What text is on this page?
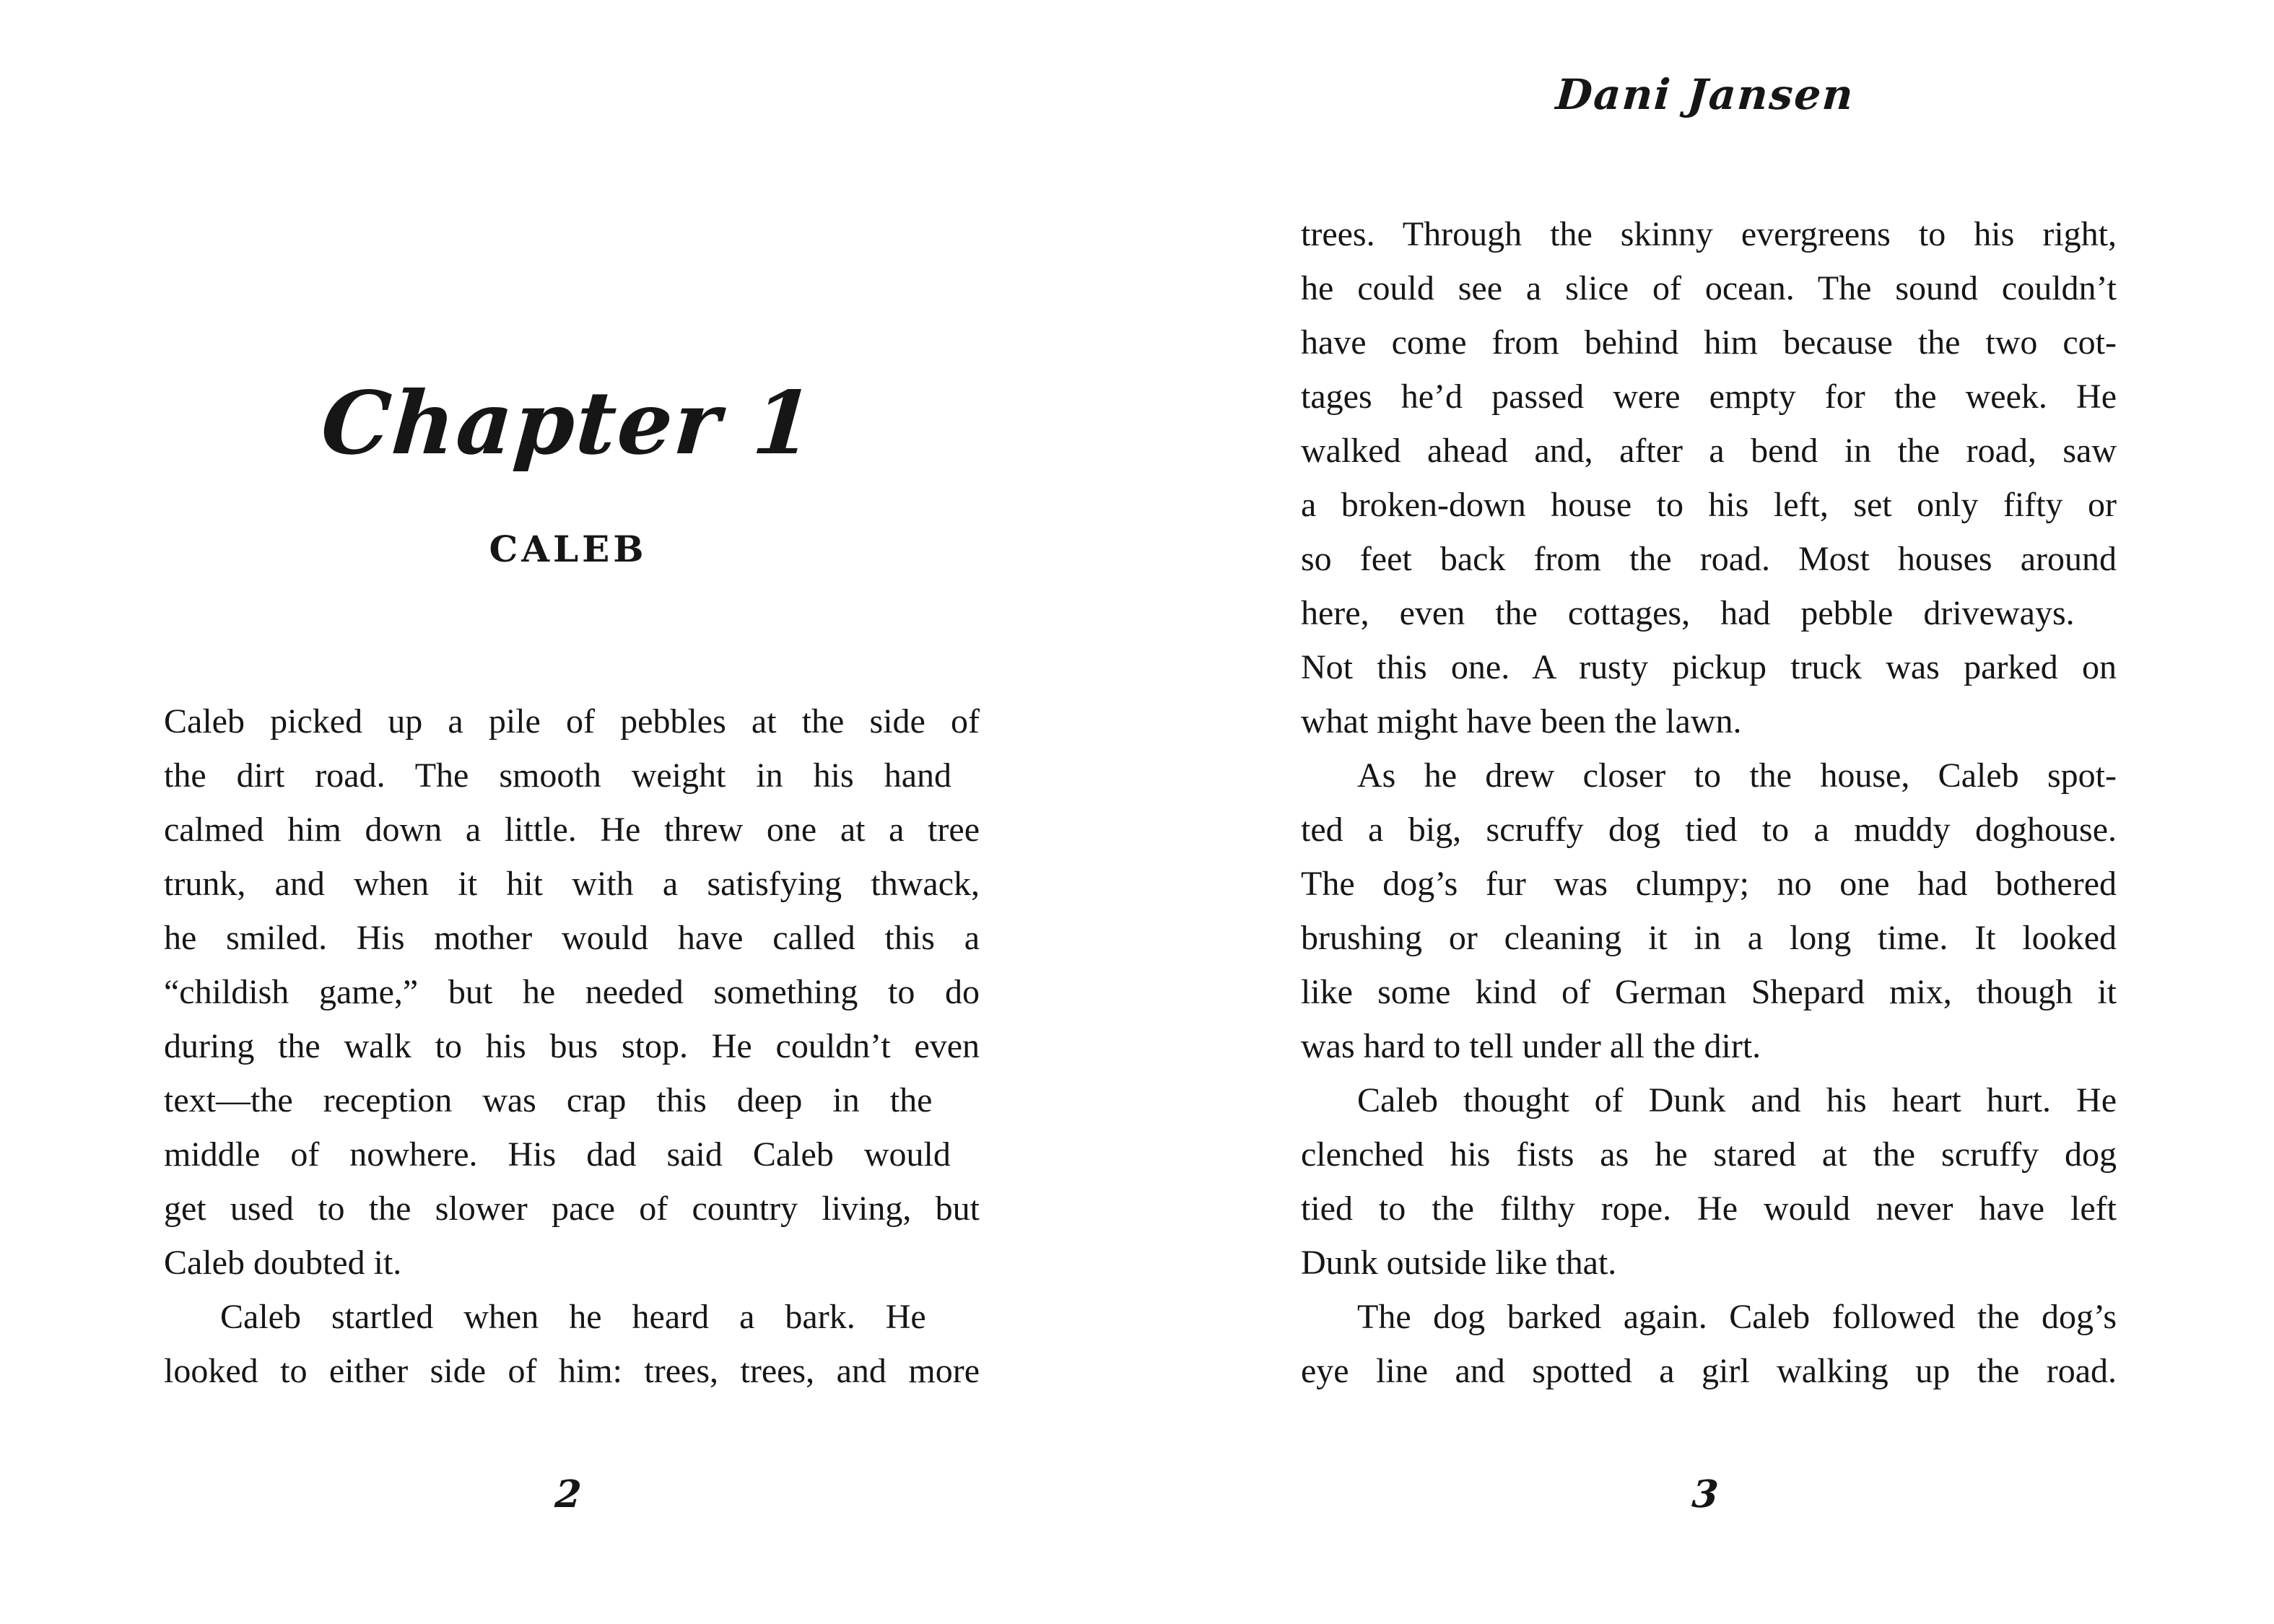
Chapter 1
CALEB
Caleb picked up a pile of pebbles at the side of
the dirt road. The smooth weight in his hand
calmed him down a little. He threw one at a tree
trunk, and when it hit with a satisfying thwack,
he smiled. His mother would have called this a
“childish game,” but he needed something to do
during the walk to his bus stop. He couldn’t even
text—the reception was crap this deep in the
middle of nowhere. His dad said Caleb would
get used to the slower pace of country living, but
Caleb doubted it.
Caleb startled when he heard a bark. He
looked to either side of him: trees, trees, and more
2
Dani Jansen
trees. Through the skinny evergreens to his right,
he could see a slice of ocean. The sound couldn’t
have come from behind him because the two cot-
tages he’d passed were empty for the week. He
walked ahead and, after a bend in the road, saw
a broken-down house to his left, set only fifty or
so feet back from the road. Most houses around
here, even the cottages, had pebble driveways.
Not this one. A rusty pickup truck was parked on
what might have been the lawn.
As he drew closer to the house, Caleb spot-
ted a big, scruffy dog tied to a muddy doghouse.
The dog’s fur was clumpy; no one had bothered
brushing or cleaning it in a long time. It looked
like some kind of German Shepard mix, though it
was hard to tell under all the dirt.
Caleb thought of Dunk and his heart hurt. He
clenched his fists as he stared at the scruffy dog
tied to the filthy rope. He would never have left
Dunk outside like that.
The dog barked again. Caleb followed the dog’s
eye line and spotted a girl walking up the road.
3
